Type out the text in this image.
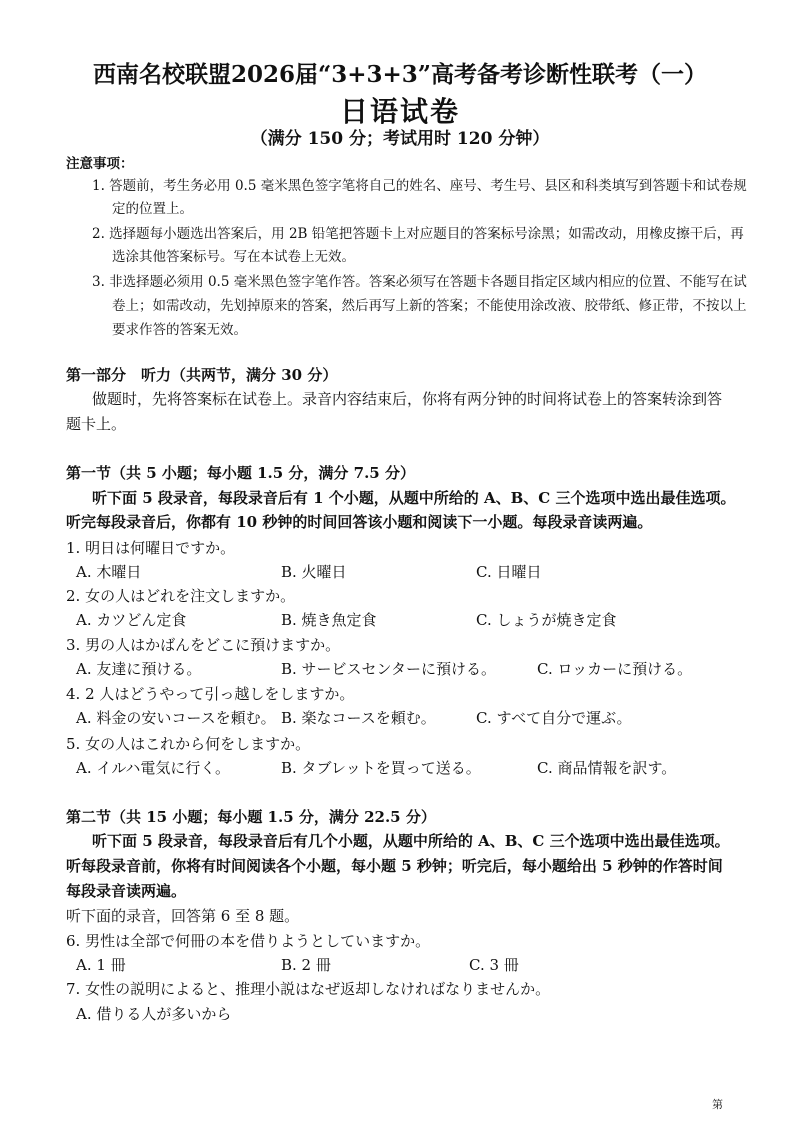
西南名校联盟2026届“3+3+3”高考备考诊断性联考（一）
日语试卷
（满分 150 分；考试用时 120 分钟）
注意事项：
1. 答题前，考生务必用 0.5 毫米黑色签字笔将自己的姓名、座号、考生号、县区和科类填写到答题卡和试卷规
定的位置上。
2. 选择题每小题选出答案后，用 2B 铅笔把答题卡上对应题目的答案标号涂黑；如需改动，用橡皮擦干后，再
选涂其他答案标号。写在本试卷上无效。
3. 非选择题必须用 0.5 毫米黑色签字笔作答。答案必须写在答题卡各题目指定区域内相应的位置、不能写在试
卷上；如需改动，先划掉原来的答案，然后再写上新的答案；不能使用涂改液、胶带纸、修正带，不按以上
要求作答的答案无效。
第一部分　听力（共两节，满分 30 分）
做题时，先将答案标在试卷上。录音内容结束后，你将有两分钟的时间将试卷上的答案转涂到答
题卡上。
第一节（共 5 小题；每小题 1.5 分，满分 7.5 分）
听下面 5 段录音，每段录音后有 1 个小题，从题中所给的 A、B、C 三个选项中选出最佳选项。
听完每段录音后，你都有 10 秒钟的时间回答该小题和阅读下一小题。每段录音读两遍。
1. 明日は何曜日ですか。
A. 木曜日	B. 火曜日	C. 日曜日
2. 女の人はどれを注文しますか。
A. カツどん定食	B. 焼き魚定食	C. しょうが焼き定食
3. 男の人はかばんをどこに預けますか。
A. 友達に預ける。	B. サービスセンターに預ける。	C. ロッカーに預ける。
4. 2 人はどうやって引っ越しをしますか。
A. 料金の安いコースを頼む。 B. 楽なコースを頼む。	C. すべて自分で運ぶ。
5. 女の人はこれから何をしますか。
A. イルハ電気に行く。	B. タブレットを買って送る。	C. 商品情報を訳す。
第二节（共 15 小题；每小题 1.5 分，满分 22.5 分）
听下面 5 段录音，每段录音后有几个小题，从题中所给的 A、B、C 三个选项中选出最佳选项。
听每段录音前，你将有时间阅读各个小题，每小题 5 秒钟；听完后，每小题给出 5 秒钟的作答时间
每段录音读两遍。
听下面的录音，回答第 6 至 8 题。
6. 男性は全部で何冊の本を借りようとしていますか。
A. 1 冊	B. 2 冊	C. 3 冊
7. 女性の説明によると、推理小説はなぜ返却しなければなりませんか。
A. 借りる人が多いから
第
